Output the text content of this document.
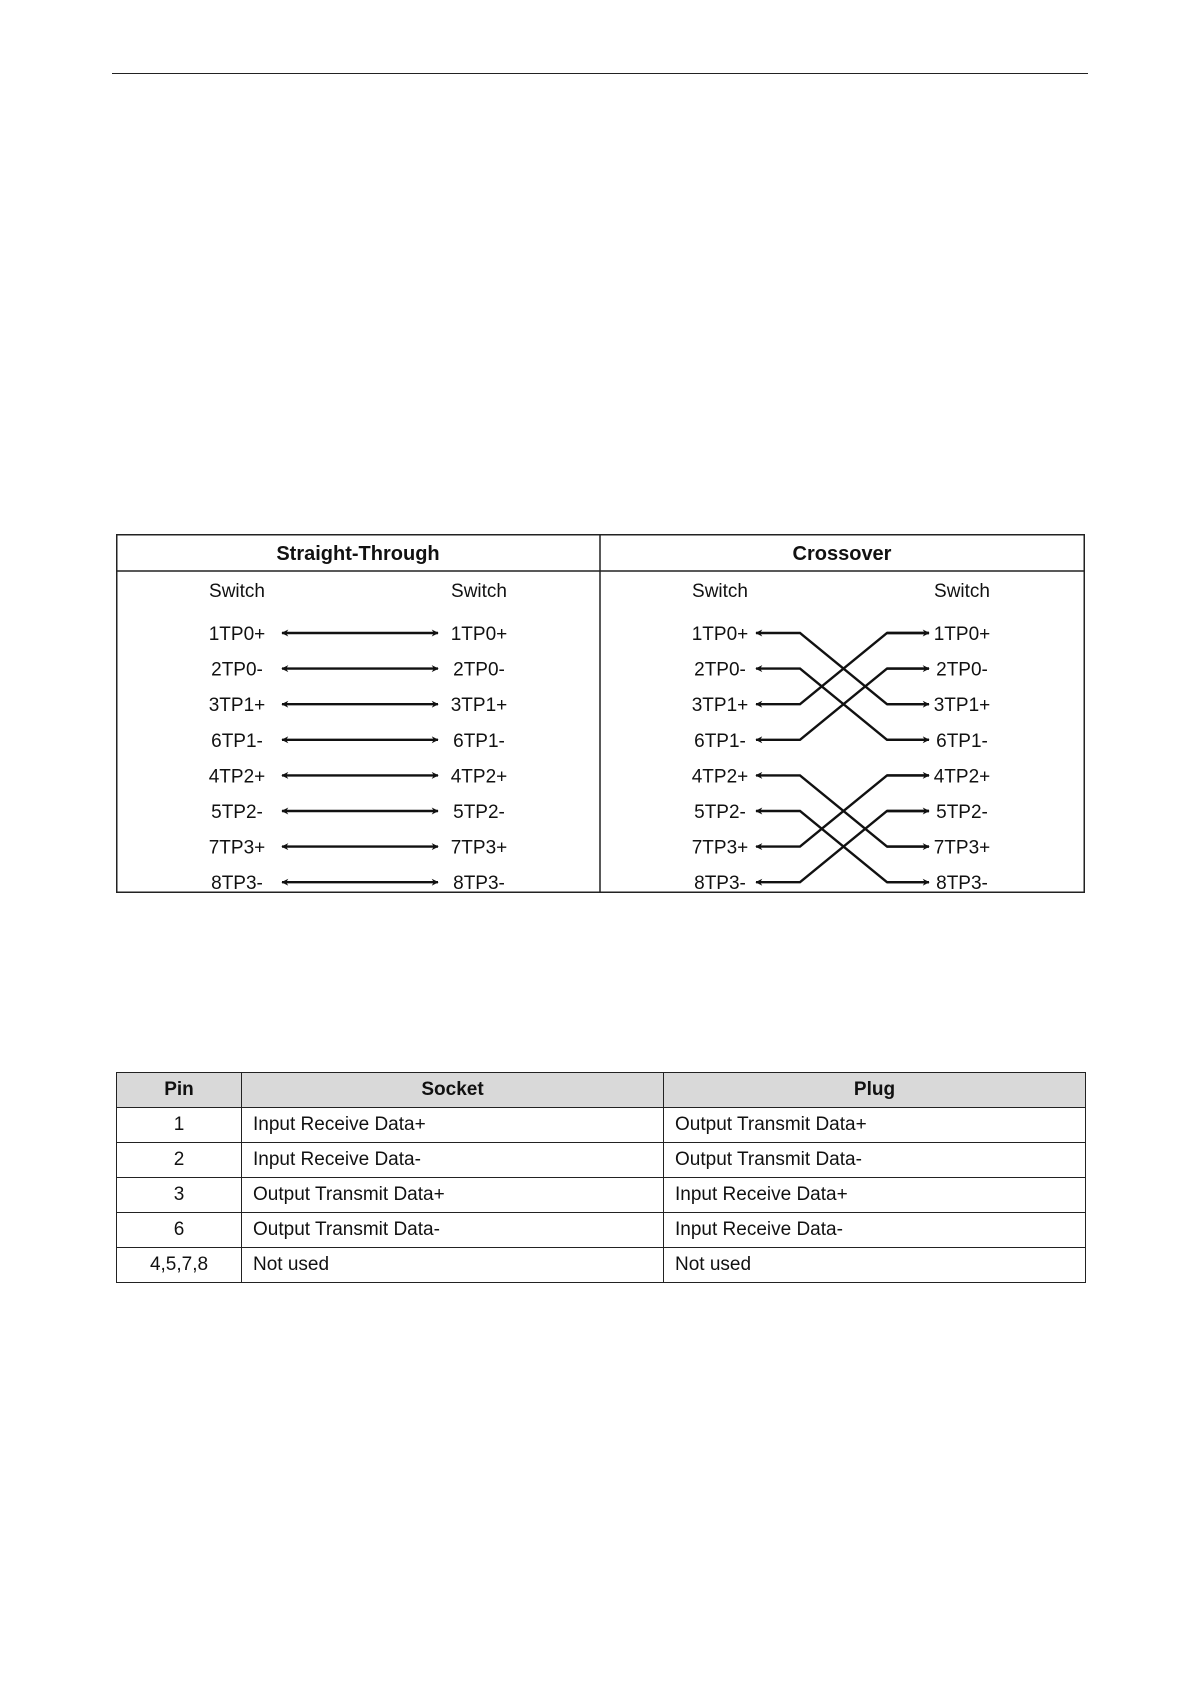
Straight-Through	Crossover
Switch	Switch	Switch	Switch
1TP0+	1TP0+	1TP0+	1TP0+
2TP0-	2TP0-	2TP0-	2TP0-
3TP1+	3TP1+	3TP1+	3TP1+
6TP1-	6TP1-	6TP1-	6TP1-
4TP2+	4TP2+	4TP2+	4TP2+
5TP2-	5TP2-	5TP2-	5TP2-
7TP3+	7TP3+	7TP3+	7TP3+
8TP3-	8TP3-	8TP3-	8TP3-
Pin	Socket	Plug
1	Input Receive Data+	Output Transmit Data+
2	Input Receive Data-	Output Transmit Data-
3	Output Transmit Data+	Input Receive Data+
6	Output Transmit Data-	Input Receive Data-
4,5,7,8	Not used	Not used
